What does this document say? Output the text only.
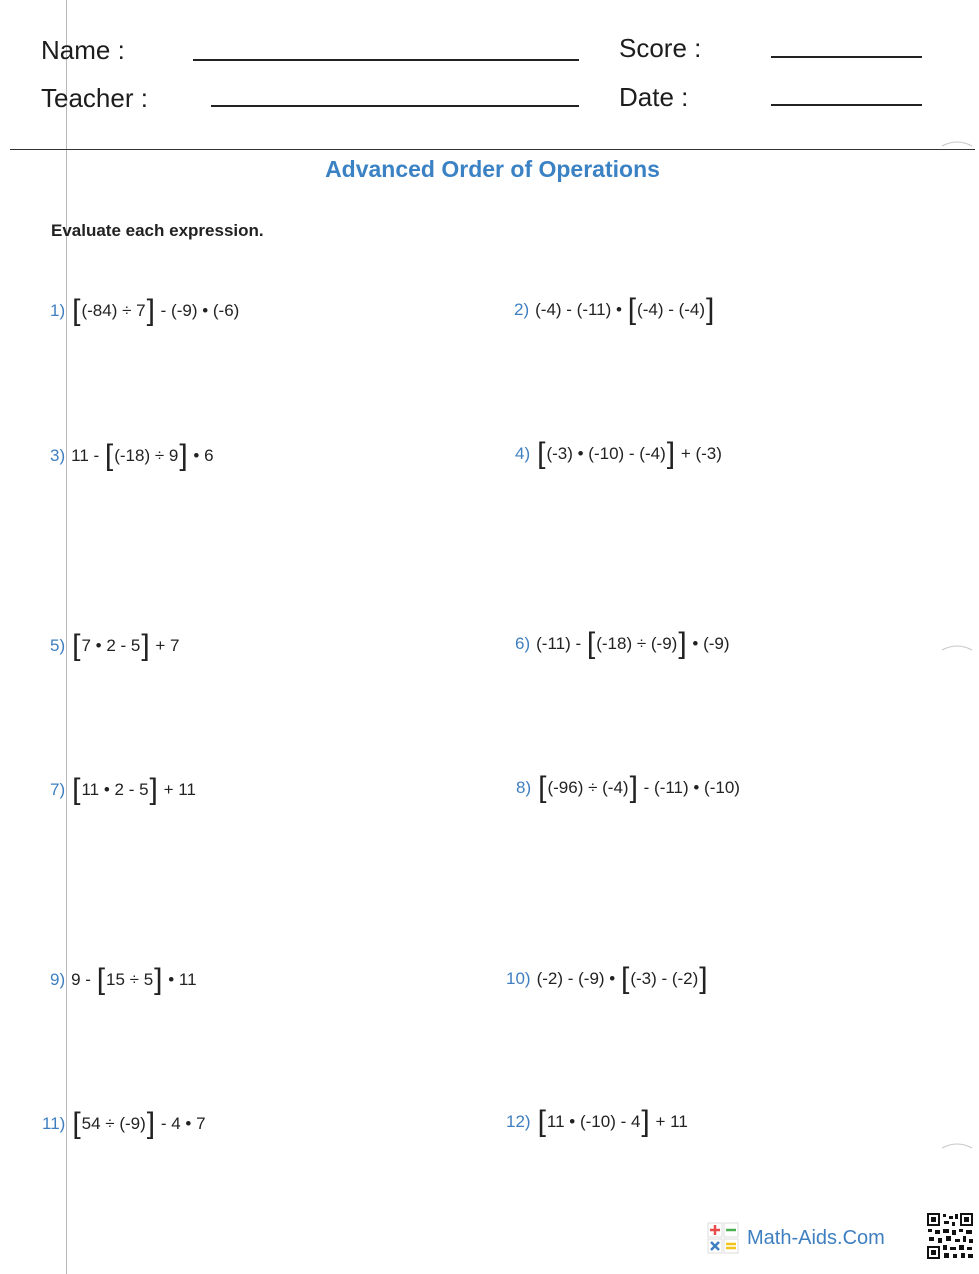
Name :
Teacher :
Score :
Date :
Advanced Order of Operations
Evaluate each expression.
1) [ (-84) ÷ 7 ] - (-9) • (-6)	2) (-4) - (-11) • [ (-4) - (-4) ]
3) 11 - [ (-18) ÷ 9 ] • 6	4) [ (-3) • (-10) - (-4) ] + (-3)
5) [ 7 • 2 - 5 ] + 7	6) (-11) - [ (-18) ÷ (-9) ] • (-9)
7) [ 11 • 2 - 5 ] + 11	8) [ (-96) ÷ (-4) ] - (-11) • (-10)
9) 9 - [ 15 ÷ 5 ] • 11	10) (-2) - (-9) • [ (-3) - (-2) ]
11) [ 54 ÷ (-9) ] - 4 • 7	12) [ 11 • (-10) - 4 ] + 11
Math-Aids.Com
